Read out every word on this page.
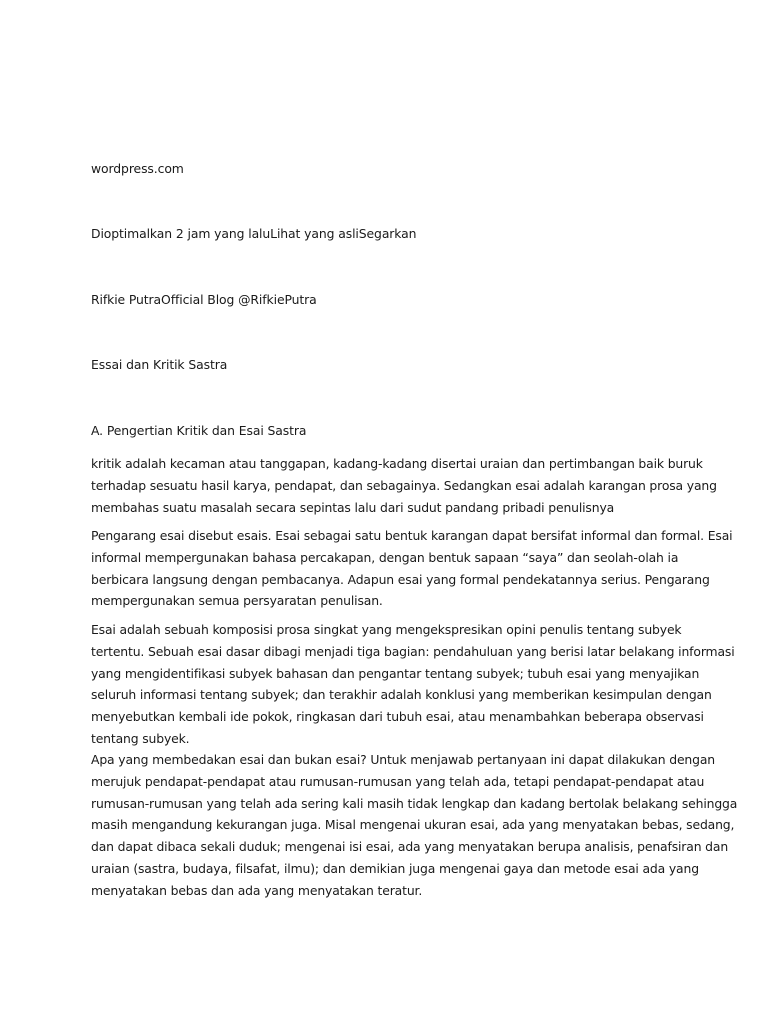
wordpress.com
Dioptimalkan 2 jam yang laluLihat yang asliSegarkan
Rifkie PutraOfficial Blog @RifkiePutra
Essai dan Kritik Sastra
A. Pengertian Kritik dan Esai Sastra
kritik adalah kecaman atau tanggapan, kadang-kadang disertai uraian dan pertimbangan baik buruk
terhadap sesuatu hasil karya, pendapat, dan sebagainya. Sedangkan esai adalah karangan prosa yang
membahas suatu masalah secara sepintas lalu dari sudut pandang pribadi penulisnya
Pengarang esai disebut esais. Esai sebagai satu bentuk karangan dapat bersifat informal dan formal. Esai
informal mempergunakan bahasa percakapan, dengan bentuk sapaan “saya” dan seolah-olah ia
berbicara langsung dengan pembacanya. Adapun esai yang formal pendekatannya serius. Pengarang
mempergunakan semua persyaratan penulisan.
Esai adalah sebuah komposisi prosa singkat yang mengekspresikan opini penulis tentang subyek
tertentu. Sebuah esai dasar dibagi menjadi tiga bagian: pendahuluan yang berisi latar belakang informasi
yang mengidentifikasi subyek bahasan dan pengantar tentang subyek; tubuh esai yang menyajikan
seluruh informasi tentang subyek; dan terakhir adalah konklusi yang memberikan kesimpulan dengan
menyebutkan kembali ide pokok, ringkasan dari tubuh esai, atau menambahkan beberapa observasi
tentang subyek.
Apa yang membedakan esai dan bukan esai? Untuk menjawab pertanyaan ini dapat dilakukan dengan
merujuk pendapat-pendapat atau rumusan-rumusan yang telah ada, tetapi pendapat-pendapat atau
rumusan-rumusan yang telah ada sering kali masih tidak lengkap dan kadang bertolak belakang sehingga
masih mengandung kekurangan juga. Misal mengenai ukuran esai, ada yang menyatakan bebas, sedang,
dan dapat dibaca sekali duduk; mengenai isi esai, ada yang menyatakan berupa analisis, penafsiran dan
uraian (sastra, budaya, filsafat, ilmu); dan demikian juga mengenai gaya dan metode esai ada yang
menyatakan bebas dan ada yang menyatakan teratur.
